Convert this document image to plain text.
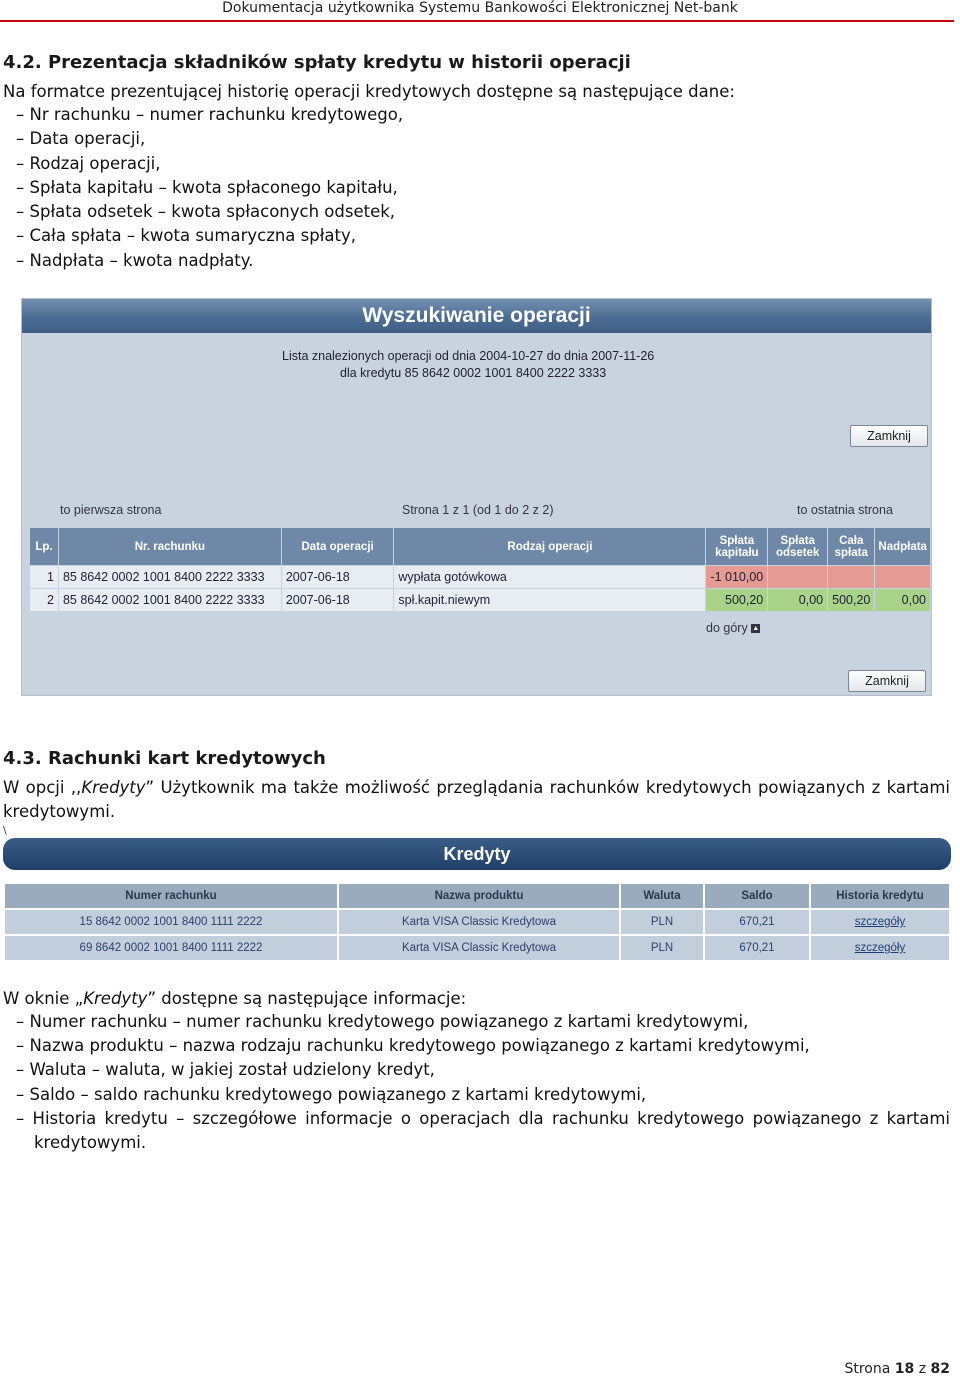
Dokumentacja użytkownika Systemu Bankowości Elektronicznej Net-bank
4.2. Prezentacja składników spłaty kredytu w historii operacji
Na formatce prezentującej historię operacji kredytowych dostępne są następujące dane:
– Nr rachunku – numer rachunku kredytowego,
– Data operacji,
– Rodzaj operacji,
– Spłata kapitału – kwota spłaconego kapitału,
– Spłata odsetek – kwota spłaconych odsetek,
– Cała spłata – kwota sumaryczna spłaty,
– Nadpłata – kwota nadpłaty.
Wyszukiwanie operacji
Lista znalezionych operacji od dnia 2004-10-27 do dnia 2007-11-26
dla kredytu 85 8642 0002 1001 8400 2222 3333
Zamknij
to pierwsza strona	Strona 1 z 1 (od 1 do 2 z 2)	to ostatnia strona
Lp.	Nr. rachunku	Data operacji	Rodzaj operacji	Spłata kapitału	Spłata odsetek	Cała spłata	Nadpłata
1	85 8642 0002 1001 8400 2222 3333	2007-06-18	wypłata gotówkowa	-1 010,00			
2	85 8642 0002 1001 8400 2222 3333	2007-06-18	spł.kapit.niewym	500,20	0,00	500,20	0,00
do góry ▲
Zamknij
4.3. Rachunki kart kredytowych
W opcji ,,Kredyty” Użytkownik ma także możliwość przeglądania rachunków kredytowych powiązanych z kartami
kredytowymi.
\
Kredyty
Numer rachunku	Nazwa produktu	Waluta	Saldo	Historia kredytu
15 8642 0002 1001 8400 1111 2222	Karta VISA Classic Kredytowa	PLN	670,21	szczegóły
69 8642 0002 1001 8400 1111 2222	Karta VISA Classic Kredytowa	PLN	670,21	szczegóły
W oknie „Kredyty” dostępne są następujące informacje:
– Numer rachunku – numer rachunku kredytowego powiązanego z kartami kredytowymi,
– Nazwa produktu – nazwa rodzaju rachunku kredytowego powiązanego z kartami kredytowymi,
– Waluta – waluta, w jakiej został udzielony kredyt,
– Saldo – saldo rachunku kredytowego powiązanego z kartami kredytowymi,
– Historia kredytu – szczegółowe informacje o operacjach dla rachunku kredytowego powiązanego z kartami
kredytowymi.
Strona 18 z 82
